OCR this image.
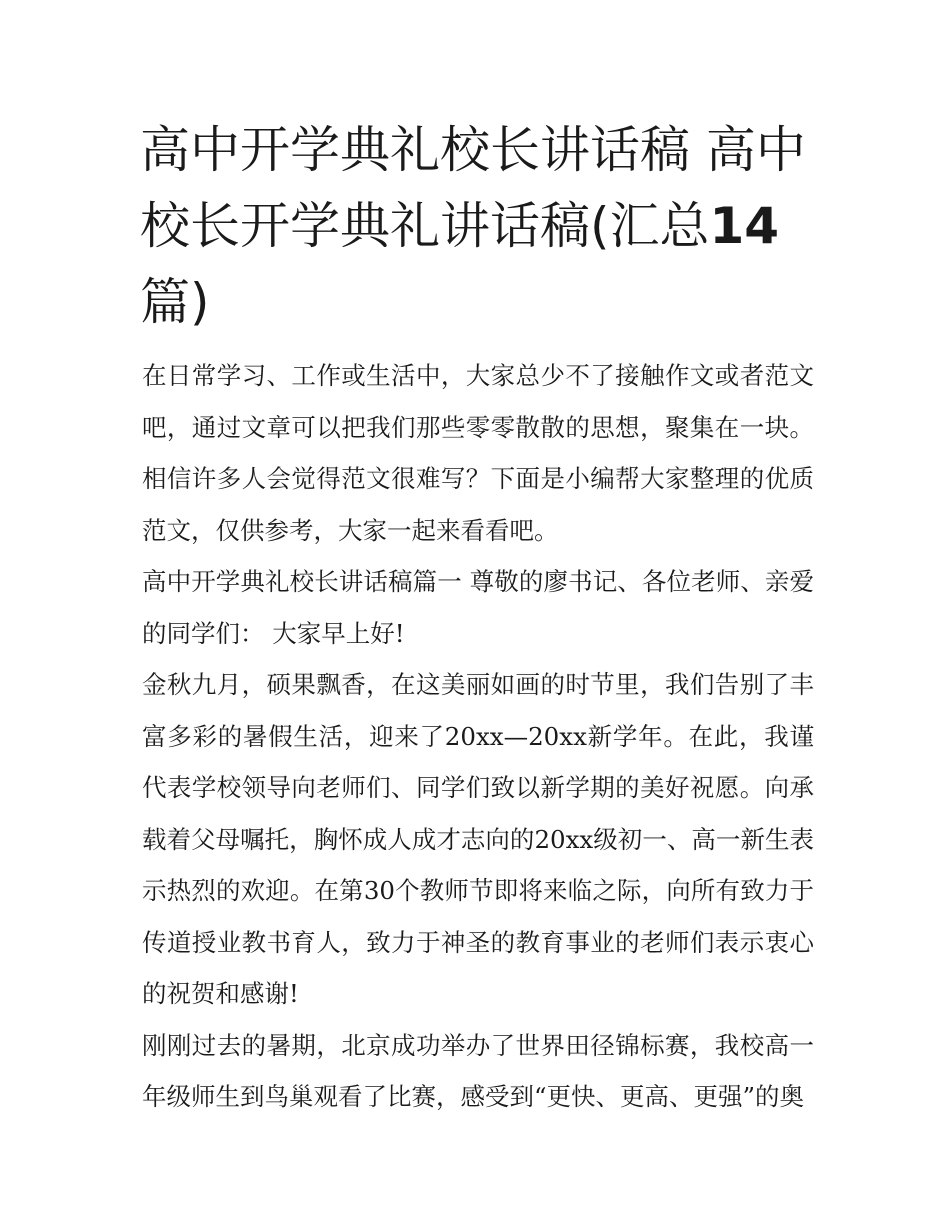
高中开学典礼校长讲话稿 高中校长开学典礼讲话稿(汇总14篇)

在日常学习、工作或生活中，大家总少不了接触作文或者范文吧，通过文章可以把我们那些零零散散的思想，聚集在一块。相信许多人会觉得范文很难写？下面是小编帮大家整理的优质范文，仅供参考，大家一起来看看吧。

高中开学典礼校长讲话稿篇一 尊敬的廖书记、各位老师、亲爱的同学们： 大家早上好!

金秋九月，硕果飘香，在这美丽如画的时节里，我们告别了丰富多彩的暑假生活，迎来了20xx—20xx新学年。在此，我谨代表学校领导向老师们、同学们致以新学期的美好祝愿。向承载着父母嘱托，胸怀成人成才志向的20xx级初一、高一新生表示热烈的欢迎。在第30个教师节即将来临之际，向所有致力于传道授业教书育人，致力于神圣的教育事业的老师们表示衷心的祝贺和感谢!

刚刚过去的暑期，北京成功举办了世界田径锦标赛，我校高一年级师生到鸟巢观看了比赛，感受到“更快、更高、更强”的奥
